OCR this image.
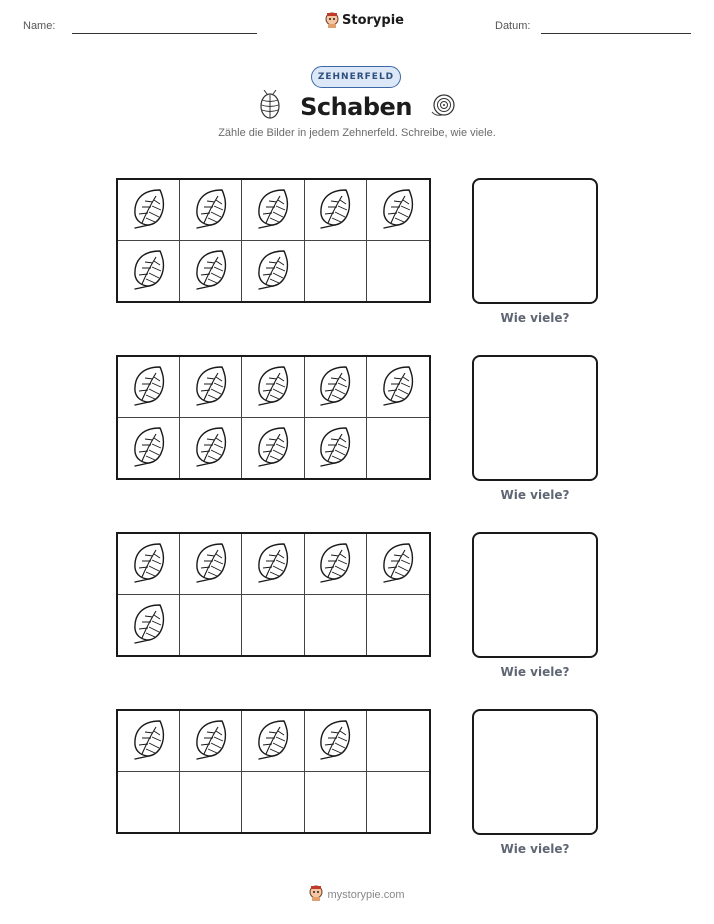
Name:	Storypie	Datum:
ZEHNERFELD
Schaben
Zähle die Bilder in jedem Zehnerfeld. Schreibe, wie viele.
Wie viele?
Wie viele?
Wie viele?
Wie viele?
mystorypie.com
